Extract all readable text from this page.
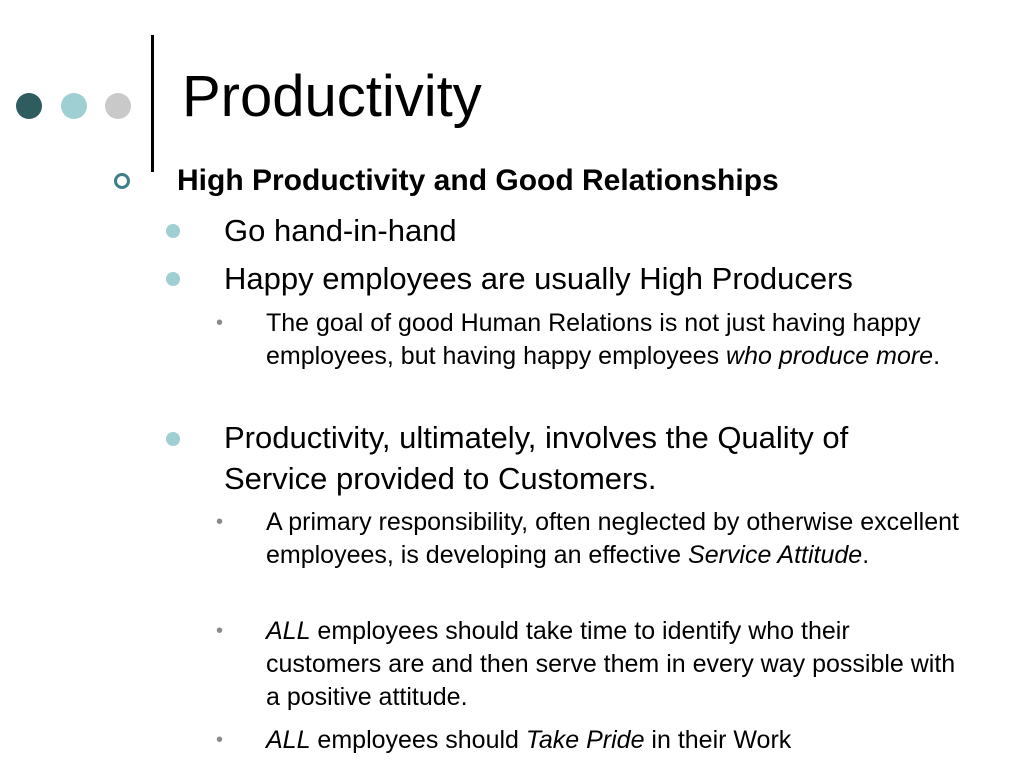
Productivity
High Productivity and Good Relationships
Go hand-in-hand
Happy employees are usually High Producers
• The goal of good Human Relations is not just having happy employees, but having happy employees who produce more.
Productivity, ultimately, involves the Quality of Service provided to Customers.
• A primary responsibility, often neglected by otherwise excellent employees, is developing an effective Service Attitude.
• ALL employees should take time to identify who their customers are and then serve them in every way possible with a positive attitude.
• ALL employees should Take Pride in their Work
